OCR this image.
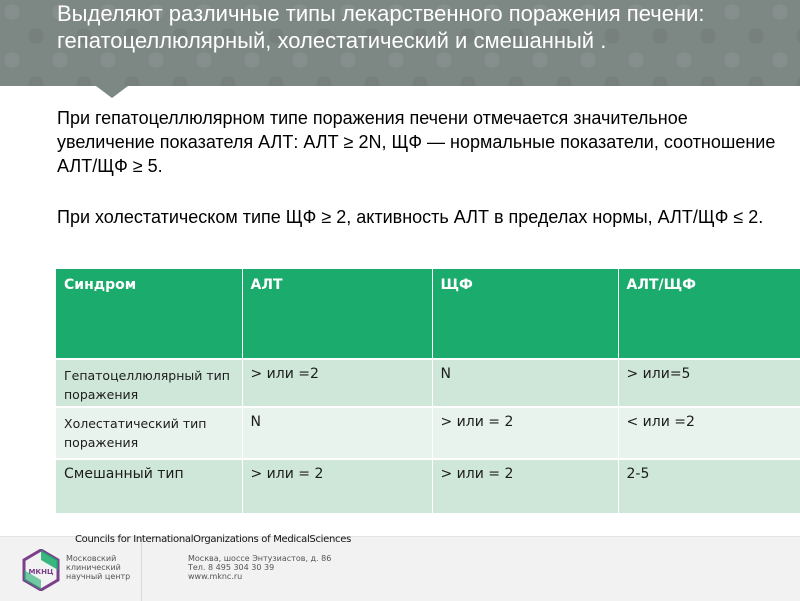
Выделяют различные типы лекарственного поражения печени: гепатоцеллюлярный, холестатический и смешанный .

При гепатоцеллюлярном типе поражения печени отмечается значительное увеличение показателя АЛТ: АЛТ ≥ 2N, ЩФ — нормальные показатели, соотношение АЛТ/ЩФ ≥ 5.

При холестатическом типе ЩФ ≥ 2, активность АЛТ в пределах нормы, АЛТ/ЩФ ≤ 2.

Синдром	АЛТ	ЩФ	АЛТ/ЩФ
Гепатоцеллюлярный тип поражения	> или =2	N	> или=5
Холестатический тип поражения	N	> или = 2	< или =2
Смешанный тип	> или = 2	> или = 2	2-5
МКНЦ
Московский
клинический
научный центр
Москва, шоссе Энтузиастов, д. 86
Тел. 8 495 304 30 39
www.mknc.ru
Councils for InternationalOrganizations of MedicalSciences
